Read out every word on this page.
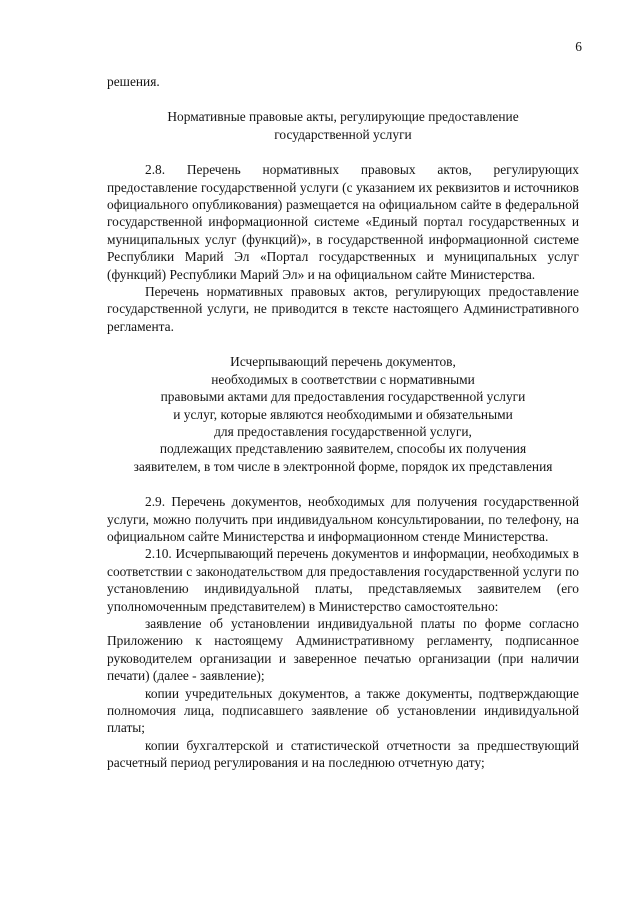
6

решения.

Нормативные правовые акты, регулирующие предоставление
государственной услуги

2.8. Перечень нормативных правовых актов, регулирующих предоставление государственной услуги (с указанием их реквизитов и источников официального опубликования) размещается на официальном сайте в федеральной государственной информационной системе «Единый портал государственных и муниципальных услуг (функций)», в государственной информационной системе Республики Марий Эл «Портал государственных и муниципальных услуг (функций) Республики Марий Эл» и на официальном сайте Министерства.

Перечень нормативных правовых актов, регулирующих предоставление государственной услуги, не приводится в тексте настоящего Административного регламента.

Исчерпывающий перечень документов,
необходимых в соответствии с нормативными
правовыми актами для предоставления государственной услуги
и услуг, которые являются необходимыми и обязательными
для предоставления государственной услуги,
подлежащих представлению заявителем, способы их получения
заявителем, в том числе в электронной форме, порядок их представления

2.9. Перечень документов, необходимых для получения государственной услуги, можно получить при индивидуальном консультировании, по телефону, на официальном сайте Министерства и информационном стенде Министерства.

2.10. Исчерпывающий перечень документов и информации, необходимых в соответствии с законодательством для предоставления государственной услуги по установлению индивидуальной платы, представляемых заявителем (его уполномоченным представителем) в Министерство самостоятельно:

заявление об установлении индивидуальной платы по форме согласно Приложению к настоящему Административному регламенту, подписанное руководителем организации и заверенное печатью организации (при наличии печати) (далее - заявление);

копии учредительных документов, а также документы, подтверждающие полномочия лица, подписавшего заявление об установлении индивидуальной платы;

копии бухгалтерской и статистической отчетности за предшествующий расчетный период регулирования и на последнюю отчетную дату;
